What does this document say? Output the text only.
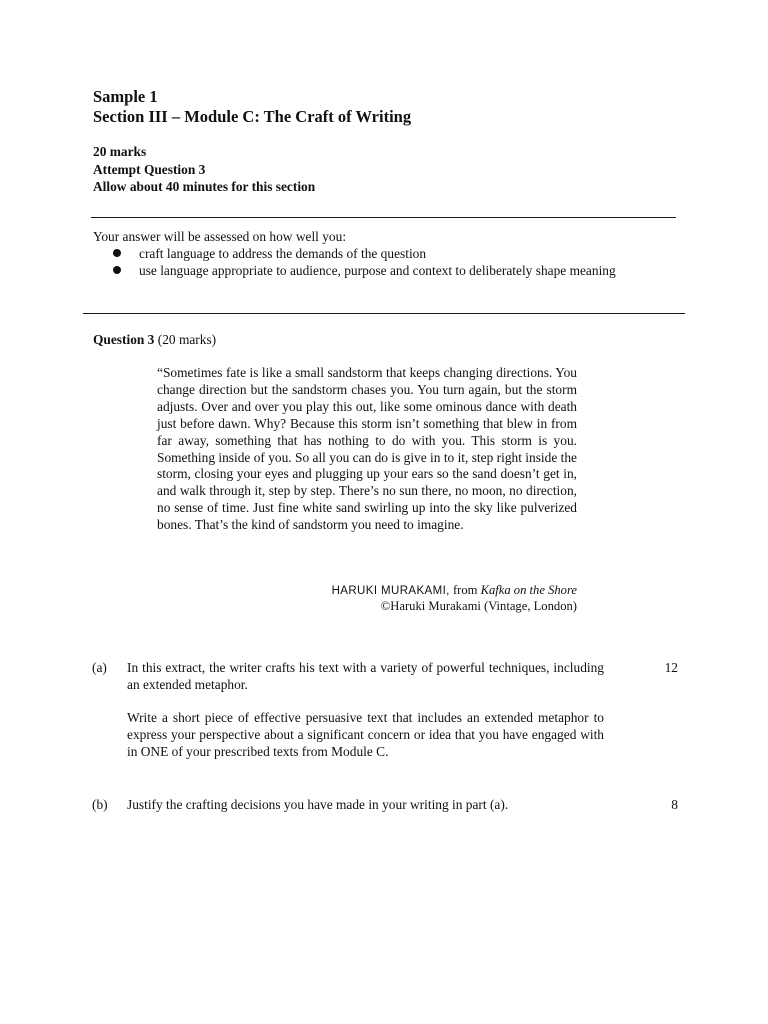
Sample 1
Section III – Module C: The Craft of Writing
20 marks
Attempt Question 3
Allow about 40 minutes for this section
Your answer will be assessed on how well you:
craft language to address the demands of the question
use language appropriate to audience, purpose and context to deliberately shape meaning
Question 3 (20 marks)
“Sometimes fate is like a small sandstorm that keeps changing directions. You change direction but the sandstorm chases you. You turn again, but the storm adjusts. Over and over you play this out, like some ominous dance with death just before dawn. Why? Because this storm isn’t something that blew in from far away, something that has nothing to do with you. This storm is you. Something inside of you. So all you can do is give in to it, step right inside the storm, closing your eyes and plugging up your ears so the sand doesn’t get in, and walk through it, step by step. There’s no sun there, no moon, no direction, no sense of time. Just fine white sand swirling up into the sky like pulverized bones. That’s the kind of sandstorm you need to imagine.
HARUKI MURAKAMI, from Kafka on the Shore
©Haruki Murakami (Vintage, London)
(a) In this extract, the writer crafts his text with a variety of powerful techniques, including an extended metaphor.
Write a short piece of effective persuasive text that includes an extended metaphor to express your perspective about a significant concern or idea that you have engaged with in ONE of your prescribed texts from Module C.
12
(b) Justify the crafting decisions you have made in your writing in part (a).	8
